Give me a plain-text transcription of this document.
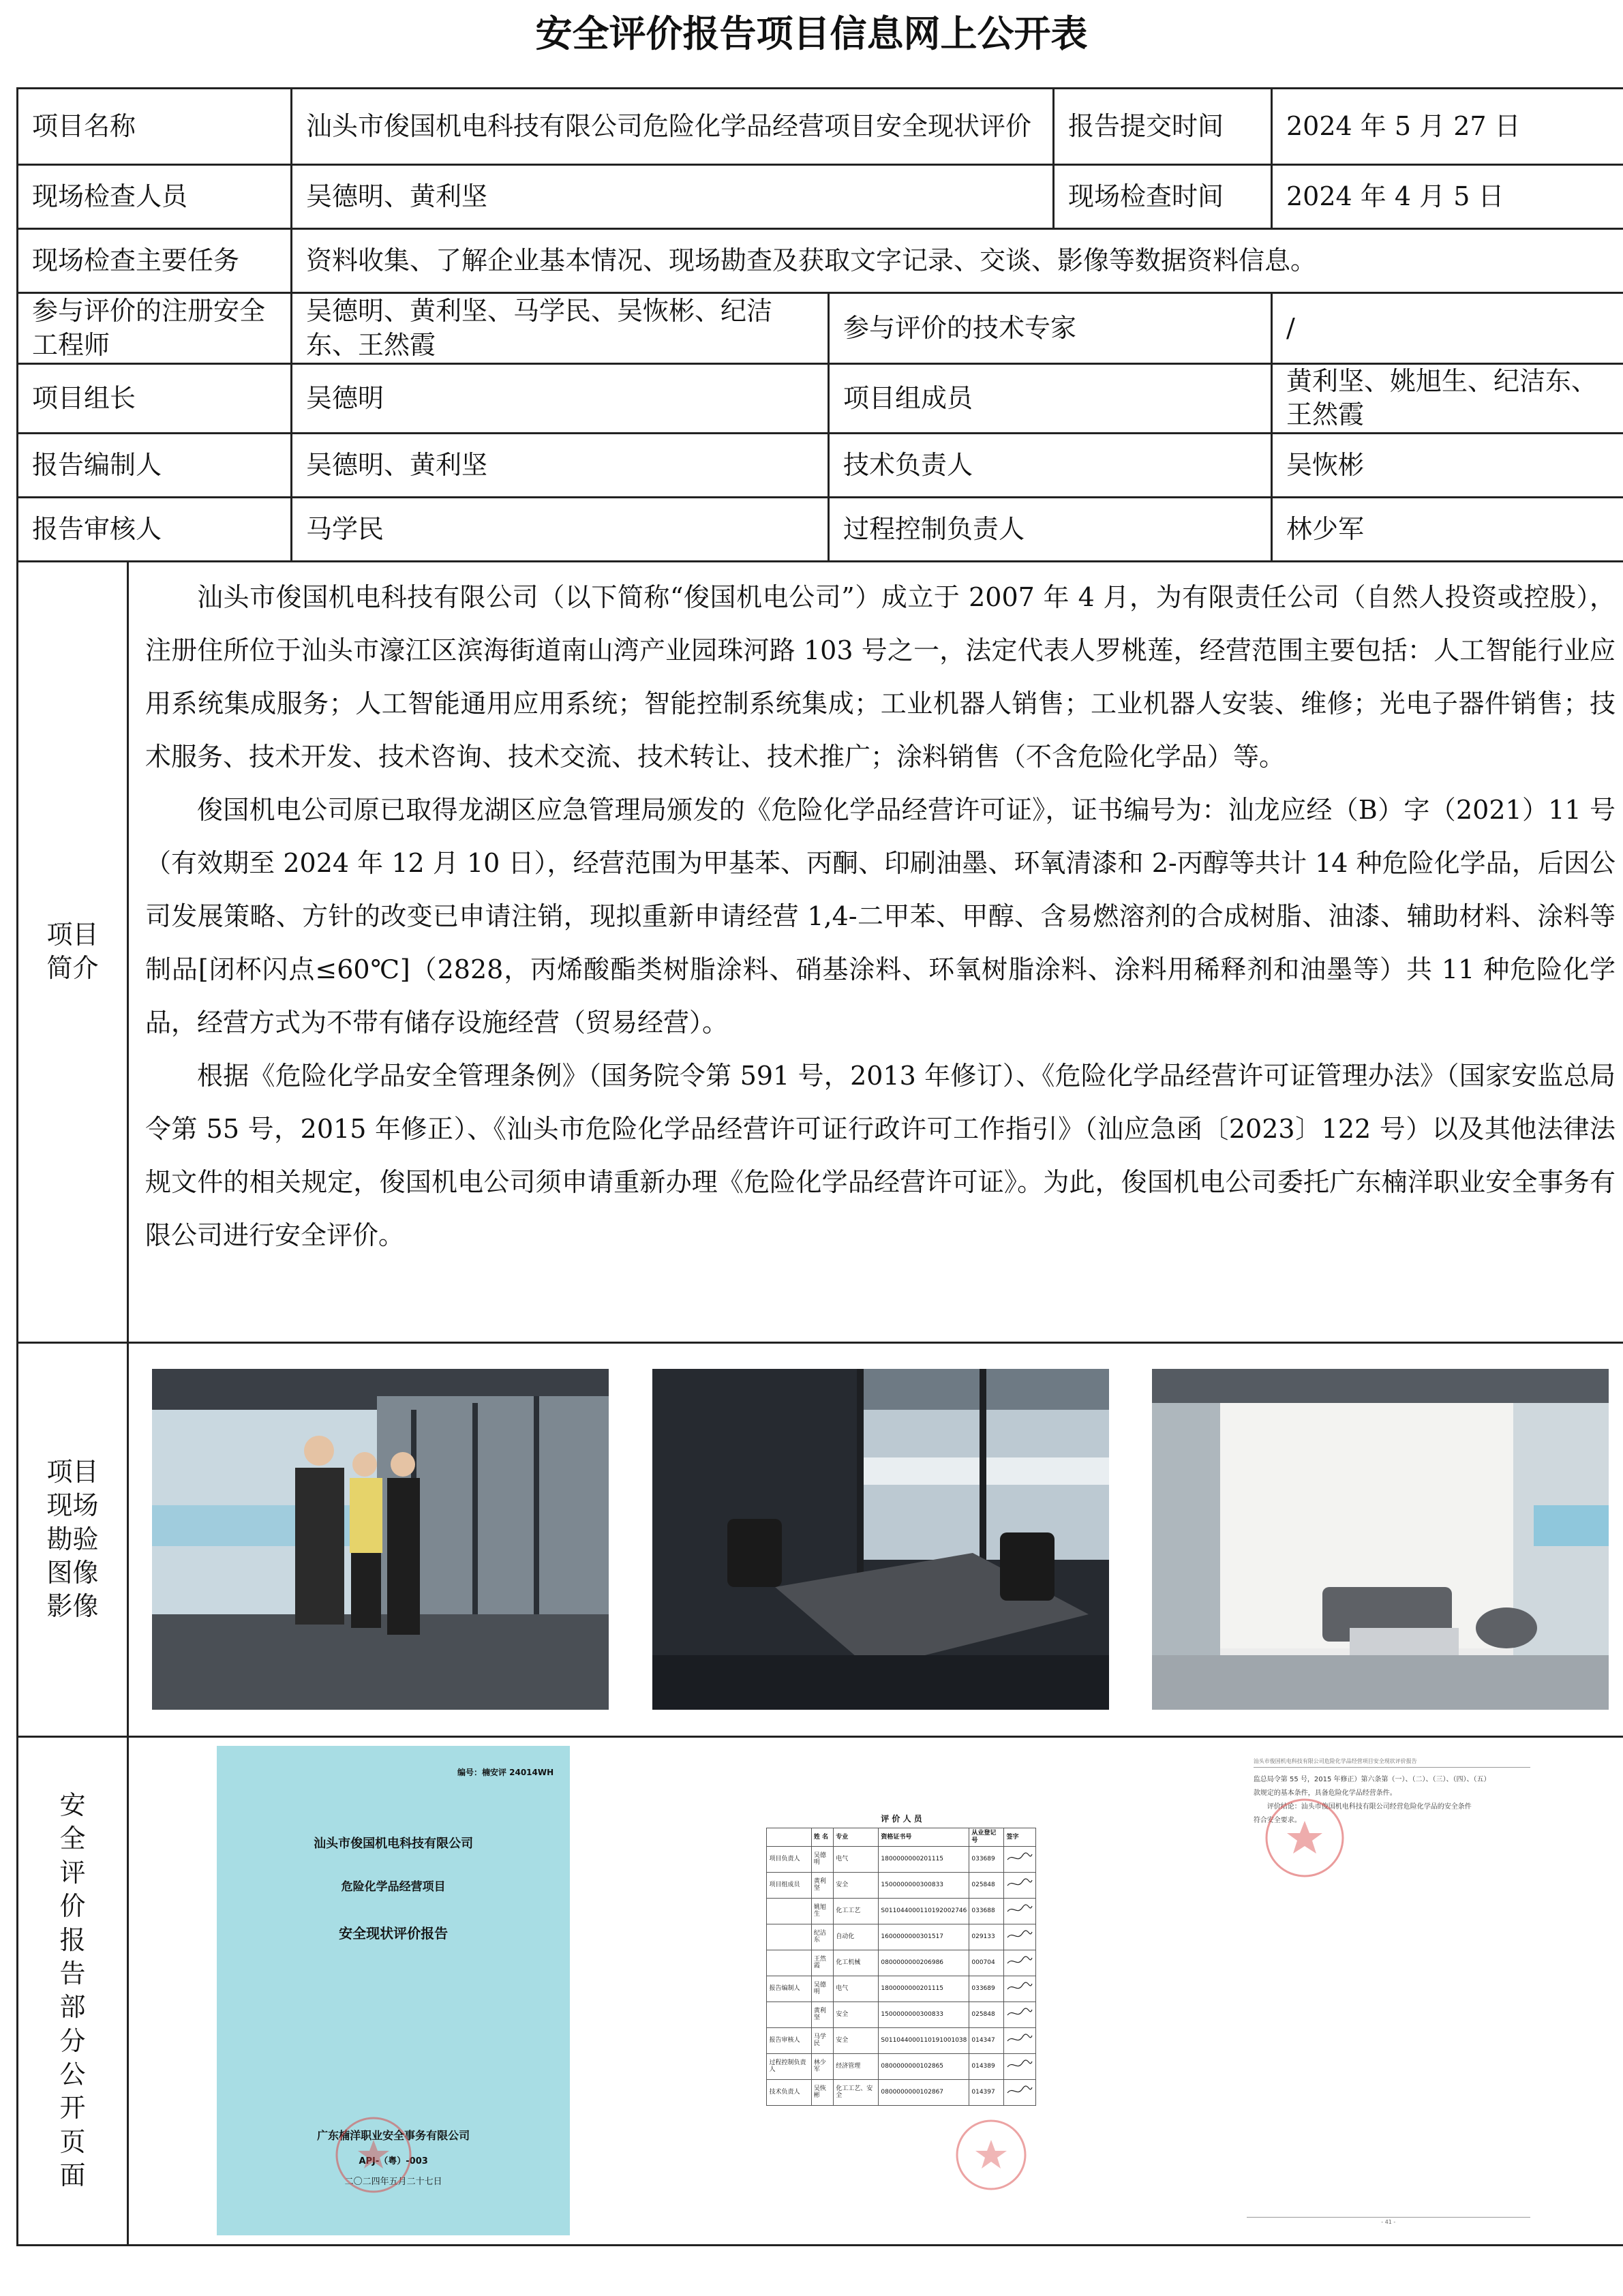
安全评价报告项目信息网上公开表

项目名称	汕头市俊国机电科技有限公司危险化学品经营项目安全现状评价	报告提交时间	2024 年 5 月 27 日
现场检查人员	吴德明、黄利坚	现场检查时间	2024 年 4 月 5 日
现场检查主要任务	资料收集、了解企业基本情况、现场勘查及获取文字记录、交谈、影像等数据资料信息。
参与评价的注册安全工程师	吴德明、黄利坚、马学民、吴恢彬、纪洁东、王然霞	参与评价的技术专家	/
项目组长	吴德明	项目组成员	黄利坚、姚旭生、纪洁东、王然霞
报告编制人	吴德明、黄利坚	技术负责人	吴恢彬
报告审核人	马学民	过程控制负责人	林少军

项目简介

汕头市俊国机电科技有限公司（以下简称“俊国机电公司”）成立于 2007 年 4 月，为有限责任公司（自然人投资或控股），注册住所位于汕头市濠江区滨海街道南山湾产业园珠河路 103 号之一，法定代表人罗桃莲，经营范围主要包括：人工智能行业应用系统集成服务；人工智能通用应用系统；智能控制系统集成；工业机器人销售；工业机器人安装、维修；光电子器件销售；技术服务、技术开发、技术咨询、技术交流、技术转让、技术推广；涂料销售（不含危险化学品）等。

俊国机电公司原已取得龙湖区应急管理局颁发的《危险化学品经营许可证》，证书编号为：汕龙应经（B）字（2021）11 号（有效期至 2024 年 12 月 10 日），经营范围为甲基苯、丙酮、印刷油墨、环氧清漆和 2-丙醇等共计 14 种危险化学品，后因公司发展策略、方针的改变已申请注销，现拟重新申请经营 1,4-二甲苯、甲醇、含易燃溶剂的合成树脂、油漆、辅助材料、涂料等制品[闭杯闪点≤60℃]（2828，丙烯酸酯类树脂涂料、硝基涂料、环氧树脂涂料、涂料用稀释剂和油墨等）共 11 种危险化学品，经营方式为不带有储存设施经营（贸易经营）。

根据《危险化学品安全管理条例》（国务院令第 591 号，2013 年修订）、《危险化学品经营许可证管理办法》（国家安监总局令第 55 号，2015 年修正）、《汕头市危险化学品经营许可证行政许可工作指引》（汕应急函〔2023〕122 号）以及其他法律法规文件的相关规定，俊国机电公司须申请重新办理《危险化学品经营许可证》。为此，俊国机电公司委托广东楠洋职业安全事务有限公司进行安全评价。

项目现场勘验图像影像

安全评价报告部分公开页面

编号：楠安评 24014WH
汕头市俊国机电科技有限公司
危险化学品经营项目
安全现状评价报告
广东楠洋职业安全事务有限公司
APJ-（粤）-003
二〇二四年五月二十七日
评 价 人 员
	姓 名	专业	资格证书号	从业登记号	签字
项目负责人	吴德明	电气	1800000000201115	033689	
项目组成员	黄利坚	安全	1500000000300833	025848	
	姚旭生	化工工艺	S011044000110192002746	033688	
	纪洁东	自动化	1600000000301517	029133	
	王然霞	化工机械	0800000000206986	000704	
报告编制人	吴德明	电气	1800000000201115	033689	
	黄利坚	安全	1500000000300833	025848	
报告审核人	马学民	安全	S011044000110191001038	014347	
过程控制负责人	林少军	经济管理	0800000000102865	014389	
技术负责人	吴恢彬	化工工艺、安全	0800000000102867	014397	
汕头市俊国机电科技有限公司危险化学品经营项目安全现状评价报告
监总局令第 55 号，2015 年修正）第六条第（一）、（二）、（三）、（四）、（五）
款规定的基本条件，具备危险化学品经营条件。
评价结论：汕头市俊国机电科技有限公司经营危险化学品的安全条件
符合安全要求。
- 41 -
